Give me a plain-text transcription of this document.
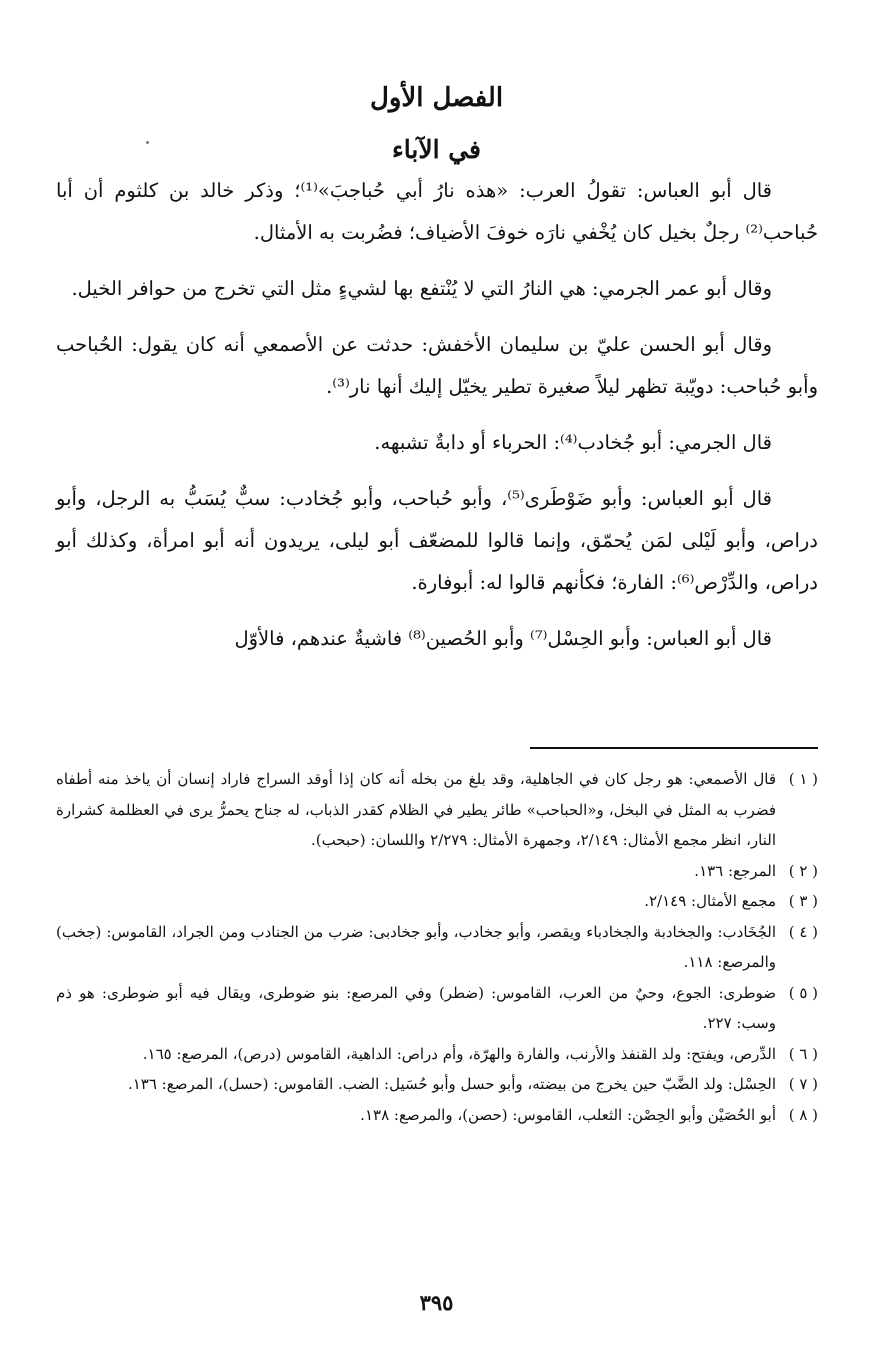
الفصل الأول
في الآباء

قال أبو العباس: تقولُ العرب: «هذه نارُ أبي حُباجبَ»⁽¹⁾؛ وذكر خالد بن كلثوم أن أبا حُباحب⁽²⁾ رجلٌ بخيل كان يُخْفي نارَه خوفَ الأضياف؛ فضُربت به الأمثال.

وقال أبو عمر الجرمي: هي النارُ التي لا يُنْتفع بها لشيءٍ مثل التي تخرج من حوافر الخيل.

وقال أبو الحسن عليّ بن سليمان الأخفش: حدثت عن الأصمعي أنه كان يقول: الحُباحب وأبو حُباحب: دويّبة تظهر ليلاً صغيرة تطير يخيّل إليك أنها نار⁽³⁾.

قال الجرمي: أبو جُخادب⁽⁴⁾: الحرباء أو دابةٌ تشبهه.

قال أبو العباس: وأبو ضَوْطَرى⁽⁵⁾، وأبو حُباحب، وأبو جُخادب: سبٌّ يُسَبُّ به الرجل، وأبو دراص، وأبو لَيْلى لمَن يُحمّق، وإنما قالوا للمضعّف أبو ليلى، يريدون أنه أبو امرأة، وكذلك أبو دراص، والدِّرْص⁽⁶⁾: الفارة؛ فكأنهم قالوا له: أبوفارة.

قال أبو العباس: وأبو الحِسْل⁽⁷⁾ وأبو الحُصين⁽⁸⁾ فاشيةٌ عندهم، فالأوّل

( ١ )
قال الأصمعي: هو رجل كان في الجاهلية، وقد بلغ من بخله أنه كان إذا أوقد السراج فاراد إنسان أن ياخذ منه أطفاه فضرب به المثل في البخل، و«الحباحب» طائر يطير في الظلام كقدر الذباب، له جناح يحمرُّ يرى في العظلمة كشرارة النار، انظر مجمع الأمثال: ٢/١٤٩، وجمهرة الأمثال: ٢/٢٧٩ واللسان: (حبحب).
( ٢ )
المرجع: ١٣٦.
( ٣ )
مجمع الأمثال: ٢/١٤٩.
( ٤ )
الجُخَادب: والجخادبة والجخادباء ويقصر، وأبو جخادب، وأبو جخادبى: ضرب من الجنادب ومن الجراد، القاموس: (جخب) والمرصع: ١١٨.
( ٥ )
ضوطرى: الجوع، وحيٌ من العرب، القاموس: (ضطر) وفي المرصع: بنو ضوطرى، ويقال فيه أبو ضوطرى: هو ذم وسب: ٢٢٧.
( ٦ )
الدِّرص، ويفتح: ولد القنفذ والأرنب، والفارة والهرّة، وأم دراص: الداهية، القاموس (درص)، المرصع: ١٦٥.
( ٧ )
الحِسْل: ولد الضَّبّ حين يخرج من بيضته، وأبو حسل وأبو حُسَيل: الضب. القاموس: (حسل)، المرصع: ١٣٦.
( ٨ )
أبو الحُصَيْن وأبو الحِصْن: الثعلب، القاموس: (حصن)، والمرصع: ١٣٨.
٣٩٥
